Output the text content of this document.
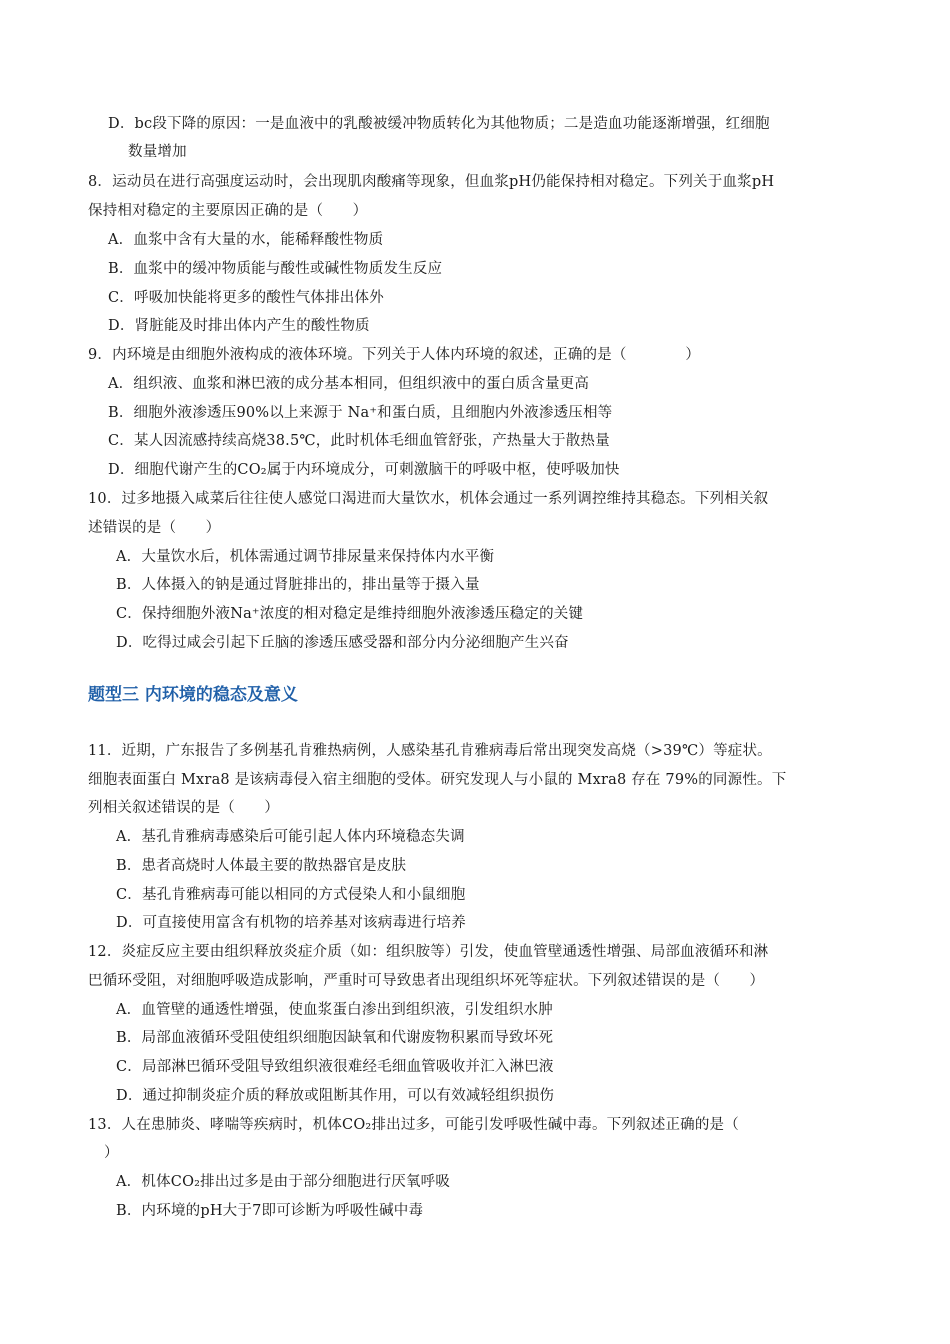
D．bc段下降的原因：一是血液中的乳酸被缓冲物质转化为其他物质；二是造血功能逐渐增强，红细胞
数量增加
8．运动员在进行高强度运动时，会出现肌肉酸痛等现象，但血浆pH仍能保持相对稳定。下列关于血浆pH
保持相对稳定的主要原因正确的是（　　）
A．血浆中含有大量的水，能稀释酸性物质
B．血浆中的缓冲物质能与酸性或碱性物质发生反应
C．呼吸加快能将更多的酸性气体排出体外
D．肾脏能及时排出体内产生的酸性物质
9．内环境是由细胞外液构成的液体环境。下列关于人体内环境的叙述，正确的是（　　　　）
A．组织液、血浆和淋巴液的成分基本相同，但组织液中的蛋白质含量更高
B．细胞外液渗透压90%以上来源于 Na⁺和蛋白质，且细胞内外液渗透压相等
C．某人因流感持续高烧38.5℃，此时机体毛细血管舒张，产热量大于散热量
D．细胞代谢产生的CO₂属于内环境成分，可刺激脑干的呼吸中枢，使呼吸加快
10．过多地摄入咸菜后往往使人感觉口渴进而大量饮水，机体会通过一系列调控维持其稳态。下列相关叙
述错误的是（　　）
A．大量饮水后，机体需通过调节排尿量来保持体内水平衡
B．人体摄入的钠是通过肾脏排出的，排出量等于摄入量
C．保持细胞外液Na⁺浓度的相对稳定是维持细胞外液渗透压稳定的关键
D．吃得过咸会引起下丘脑的渗透压感受器和部分内分泌细胞产生兴奋
题型三 内环境的稳态及意义
11．近期，广东报告了多例基孔肯雅热病例，人感染基孔肯雅病毒后常出现突发高烧（>39℃）等症状。
细胞表面蛋白 Mxra8 是该病毒侵入宿主细胞的受体。研究发现人与小鼠的 Mxra8 存在 79%的同源性。下
列相关叙述错误的是（　　）
A．基孔肯雅病毒感染后可能引起人体内环境稳态失调
B．患者高烧时人体最主要的散热器官是皮肤
C．基孔肯雅病毒可能以相同的方式侵染人和小鼠细胞
D．可直接使用富含有机物的培养基对该病毒进行培养
12．炎症反应主要由组织释放炎症介质（如：组织胺等）引发，使血管壁通透性增强、局部血液循环和淋
巴循环受阻，对细胞呼吸造成影响，严重时可导致患者出现组织坏死等症状。下列叙述错误的是（　　）
A．血管壁的通透性增强，使血浆蛋白渗出到组织液，引发组织水肿
B．局部血液循环受阻使组织细胞因缺氧和代谢废物积累而导致坏死
C．局部淋巴循环受阻导致组织液很难经毛细血管吸收并汇入淋巴液
D．通过抑制炎症介质的释放或阻断其作用，可以有效减轻组织损伤
13．人在患肺炎、哮喘等疾病时，机体CO₂排出过多，可能引发呼吸性碱中毒。下列叙述正确的是（
）
A．机体CO₂排出过多是由于部分细胞进行厌氧呼吸
B．内环境的pH大于7即可诊断为呼吸性碱中毒
